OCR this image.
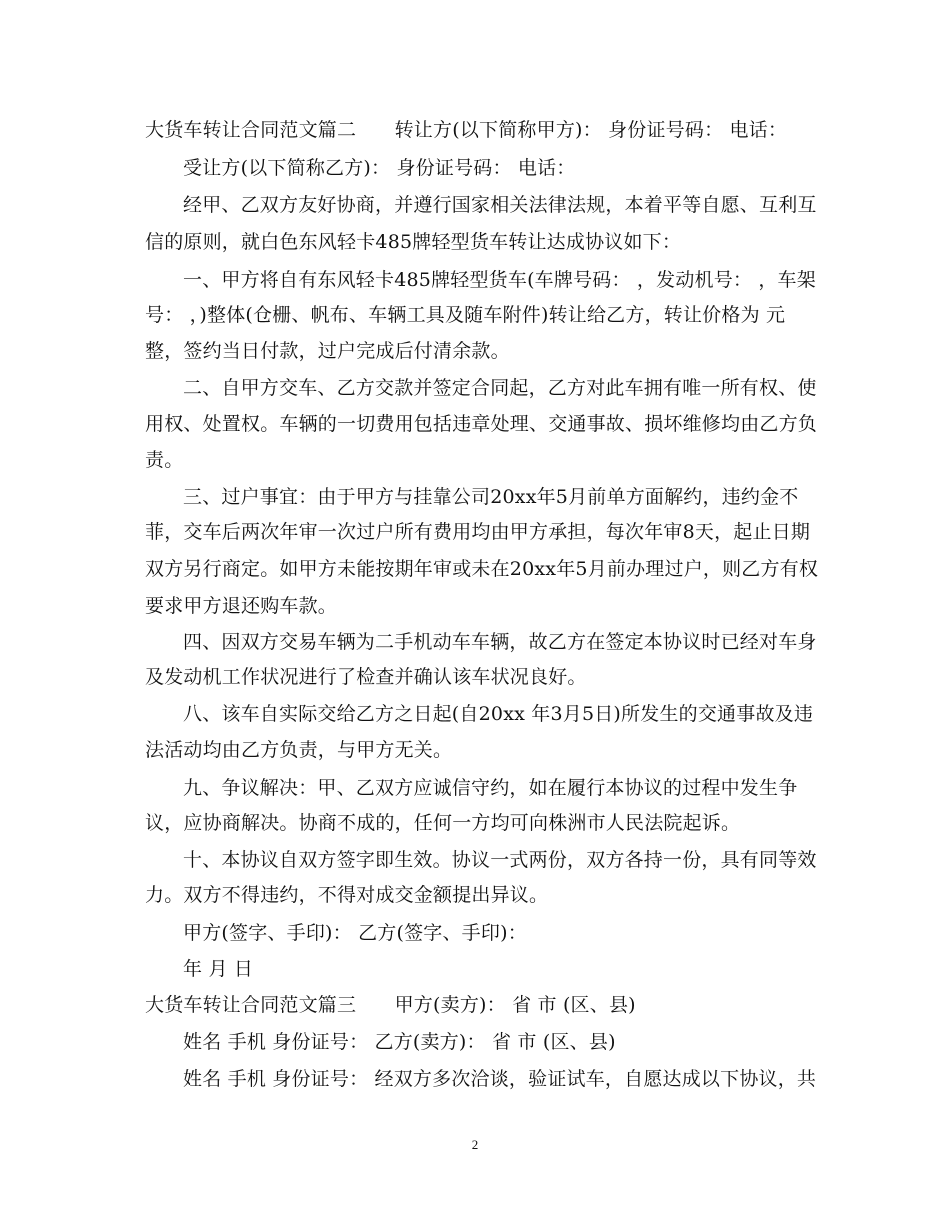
大货车转让合同范文篇二　　转让方(以下简称甲方)： 身份证号码： 电话：
受让方(以下简称乙方)： 身份证号码： 电话：
经甲、乙双方友好协商，并遵行国家相关法律法规，本着平等自愿、互利互
信的原则，就白色东风轻卡485牌轻型货车转让达成协议如下：
一、甲方将自有东风轻卡485牌轻型货车(车牌号码： ，发动机号： ，车架
号： ，)整体(仓栅、帆布、车辆工具及随车附件)转让给乙方，转让价格为 元
整，签约当日付款，过户完成后付清余款。
二、自甲方交车、乙方交款并签定合同起，乙方对此车拥有唯一所有权、使
用权、处置权。车辆的一切费用包括违章处理、交通事故、损坏维修均由乙方负
责。
三、过户事宜：由于甲方与挂靠公司20xx年5月前单方面解约，违约金不
菲，交车后两次年审一次过户所有费用均由甲方承担，每次年审8天，起止日期
双方另行商定。如甲方未能按期年审或未在20xx年5月前办理过户，则乙方有权
要求甲方退还购车款。
四、因双方交易车辆为二手机动车车辆，故乙方在签定本协议时已经对车身
及发动机工作状况进行了检查并确认该车状况良好。
八、该车自实际交给乙方之日起(自20xx 年3月5日)所发生的交通事故及违
法活动均由乙方负责，与甲方无关。
九、争议解决：甲、乙双方应诚信守约，如在履行本协议的过程中发生争
议，应协商解决。协商不成的，任何一方均可向株洲市人民法院起诉。
十、本协议自双方签字即生效。协议一式两份，双方各持一份，具有同等效
力。双方不得违约，不得对成交金额提出异议。
甲方(签字、手印)： 乙方(签字、手印)：
年 月 日
大货车转让合同范文篇三　　甲方(卖方)： 省 市 (区、县)
姓名 手机 身份证号： 乙方(卖方)： 省 市 (区、县)
姓名 手机 身份证号： 经双方多次洽谈，验证试车，自愿达成以下协议，共
2
